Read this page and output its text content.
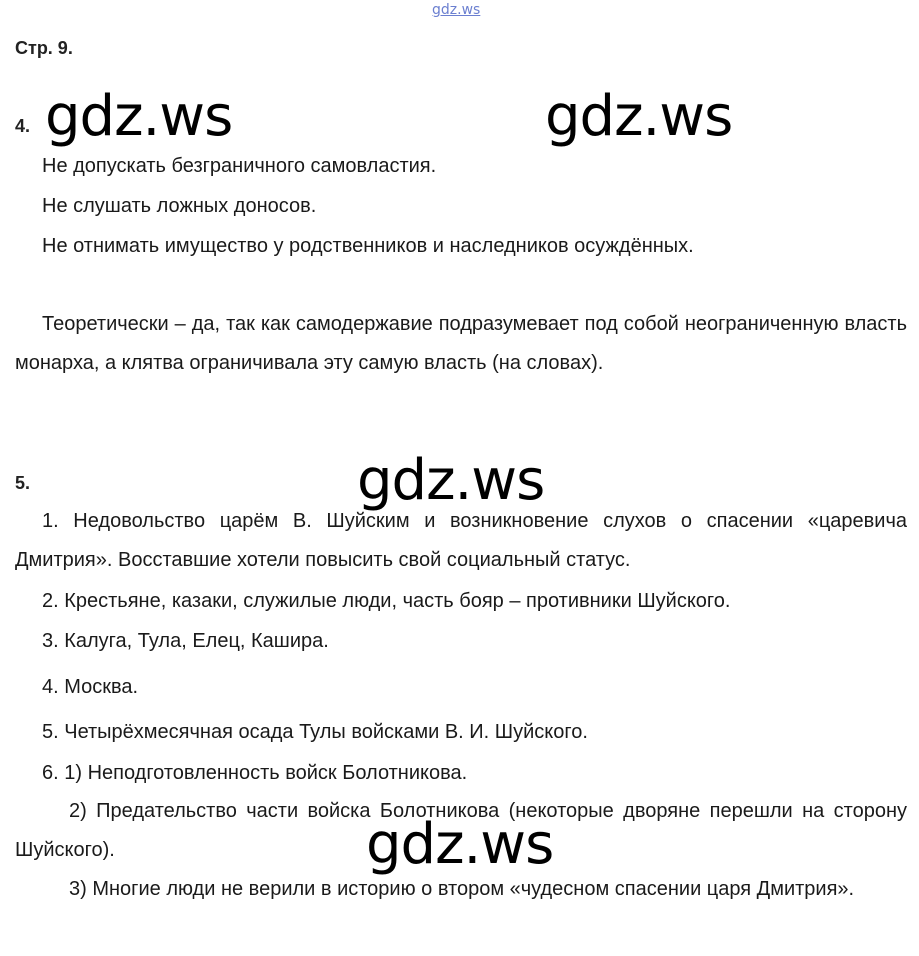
gdz.ws
Стр. 9.
4. gdz.ws	gdz.ws
Не допускать безграничного самовластия.
Не слушать ложных доносов.
Не отнимать имущество у родственников и наследников осуждённых.
Теоретически – да, так как самодержавие подразумевает под собой неограниченную власть монарха, а клятва ограничивала эту самую власть (на словах).
5.	gdz.ws
1. Недовольство царём В. Шуйским и возникновение слухов о спасении «царевича Дмитрия». Восставшие хотели повысить свой социальный статус.
2. Крестьяне, казаки, служилые люди, часть бояр – противники Шуйского.
3. Калуга, Тула, Елец, Кашира.
4. Москва.
5. Четырёхмесячная осада Тулы войсками В. И. Шуйского.
6. 1) Неподготовленность войск Болотникова.
2) Предательство части войска Болотникова (некоторые дворяне перешли на сторону Шуйского).	gdz.ws
3) Многие люди не верили в историю о втором «чудесном спасении царя Дмитрия».
